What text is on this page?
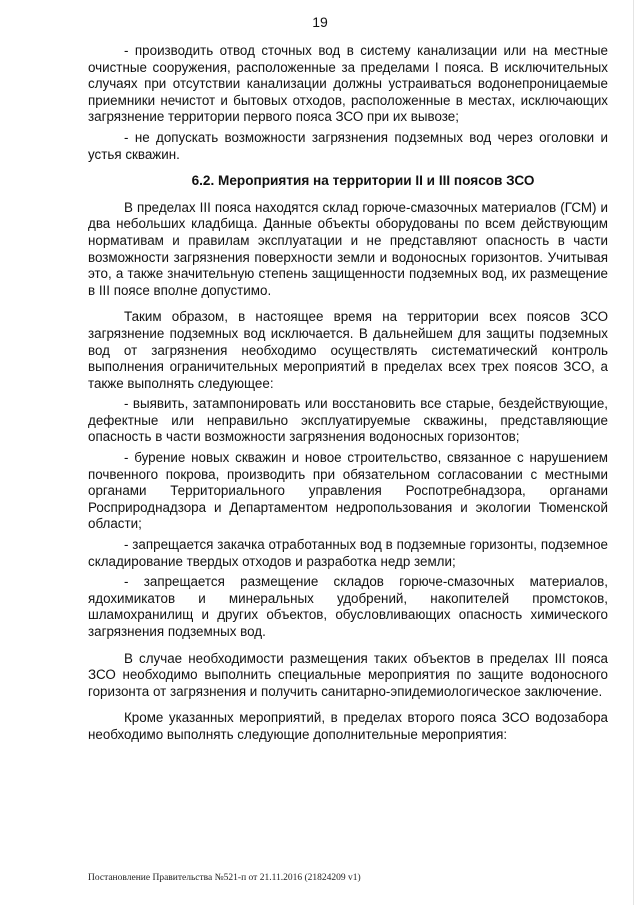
19

- производить отвод сточных вод в систему канализации или на местные очистные сооружения, расположенные за пределами I пояса. В исключительных случаях при отсутствии канализации должны устраиваться водонепроницаемые приемники нечистот и бытовых отходов, расположенные в местах, исключающих загрязнение территории первого пояса ЗСО при их вывозе;

- не допускать возможности загрязнения подземных вод через оголовки и устья скважин.

6.2. Мероприятия на территории II и III поясов ЗСО

В пределах III пояса находятся склад горюче-смазочных материалов (ГСМ) и два небольших кладбища. Данные объекты оборудованы по всем действующим нормативам и правилам эксплуатации и не представляют опасность в части возможности загрязнения поверхности земли и водоносных горизонтов. Учитывая это, а также значительную степень защищенности подземных вод, их размещение в III поясе вполне допустимо.

Таким образом, в настоящее время на территории всех поясов ЗСО загрязнение подземных вод исключается. В дальнейшем для защиты подземных вод от загрязнения необходимо осуществлять систематический контроль выполнения ограничительных мероприятий в пределах всех трех поясов ЗСО, а также выполнять следующее:

- выявить, затампонировать или восстановить все старые, бездействующие, дефектные или неправильно эксплуатируемые скважины, представляющие опасность в части возможности загрязнения водоносных горизонтов;

- бурение новых скважин и новое строительство, связанное с нарушением почвенного покрова, производить при обязательном согласовании с местными органами Территориального управления Роспотребнадзора, органами Росприроднадзора и Департаментом недропользования и экологии Тюменской области;

- запрещается закачка отработанных вод в подземные горизонты, подземное складирование твердых отходов и разработка недр земли;

- запрещается размещение складов горюче-смазочных материалов, ядохимикатов и минеральных удобрений, накопителей промстоков, шламохранилищ и других объектов, обусловливающих опасность химического загрязнения подземных вод.

В случае необходимости размещения таких объектов в пределах III пояса ЗСО необходимо выполнить специальные мероприятия по защите водоносного горизонта от загрязнения и получить санитарно-эпидемиологическое заключение.

Кроме указанных мероприятий, в пределах второго пояса ЗСО водозабора необходимо выполнять следующие дополнительные мероприятия:

Постановление Правительства №521-п от 21.11.2016 (21824209 v1)
